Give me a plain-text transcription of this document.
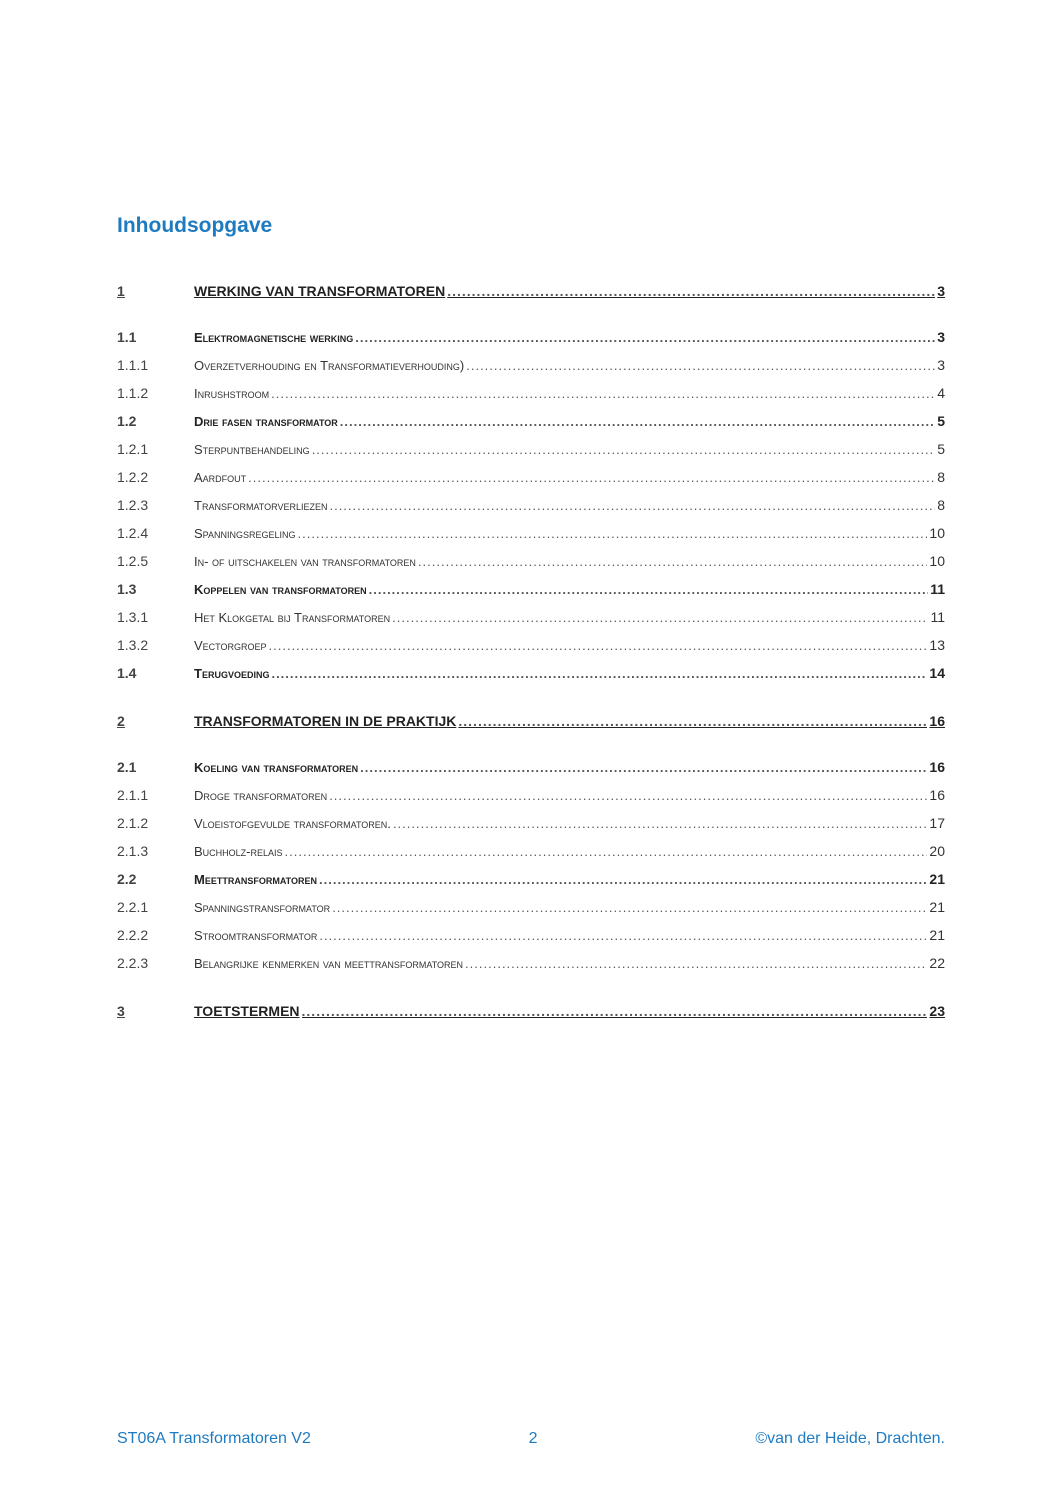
Inhoudsopgave
1	WERKING VAN TRANSFORMATOREN .....	3
1.1	Elektromagnetische werking .....	3
1.1.1	Overzetverhouding en Transformatieverhouding) .....	3
1.1.2	Inrushstroom .....	4
1.2	Drie fasen transformator .....	5
1.2.1	Sterpuntbehandeling .....	5
1.2.2	Aardfout .....	8
1.2.3	Transformatorverliezen .....	8
1.2.4	Spanningsregeling .....	10
1.2.5	In- of uitschakelen van transformatoren .....	10
1.3	Koppelen van transformatoren .....	11
1.3.1	Het Klokgetal bij Transformatoren .....	11
1.3.2	Vectorgroep .....	13
1.4	Terugvoeding .....	14
2	TRANSFORMATOREN IN DE PRAKTIJK .....	16
2.1	Koeling van transformatoren .....	16
2.1.1	Droge transformatoren .....	16
2.1.2	Vloeistofgevulde transformatoren. .....	17
2.1.3	Buchholz-relais .....	20
2.2	Meettransformatoren .....	21
2.2.1	Spanningstransformator .....	21
2.2.2	Stroomtransformator .....	21
2.2.3	Belangrijke kenmerken van meettransformatoren .....	22
3	TOETSTERMEN .....	23
ST06A Transformatoren V2	2	©van der Heide, Drachten.
